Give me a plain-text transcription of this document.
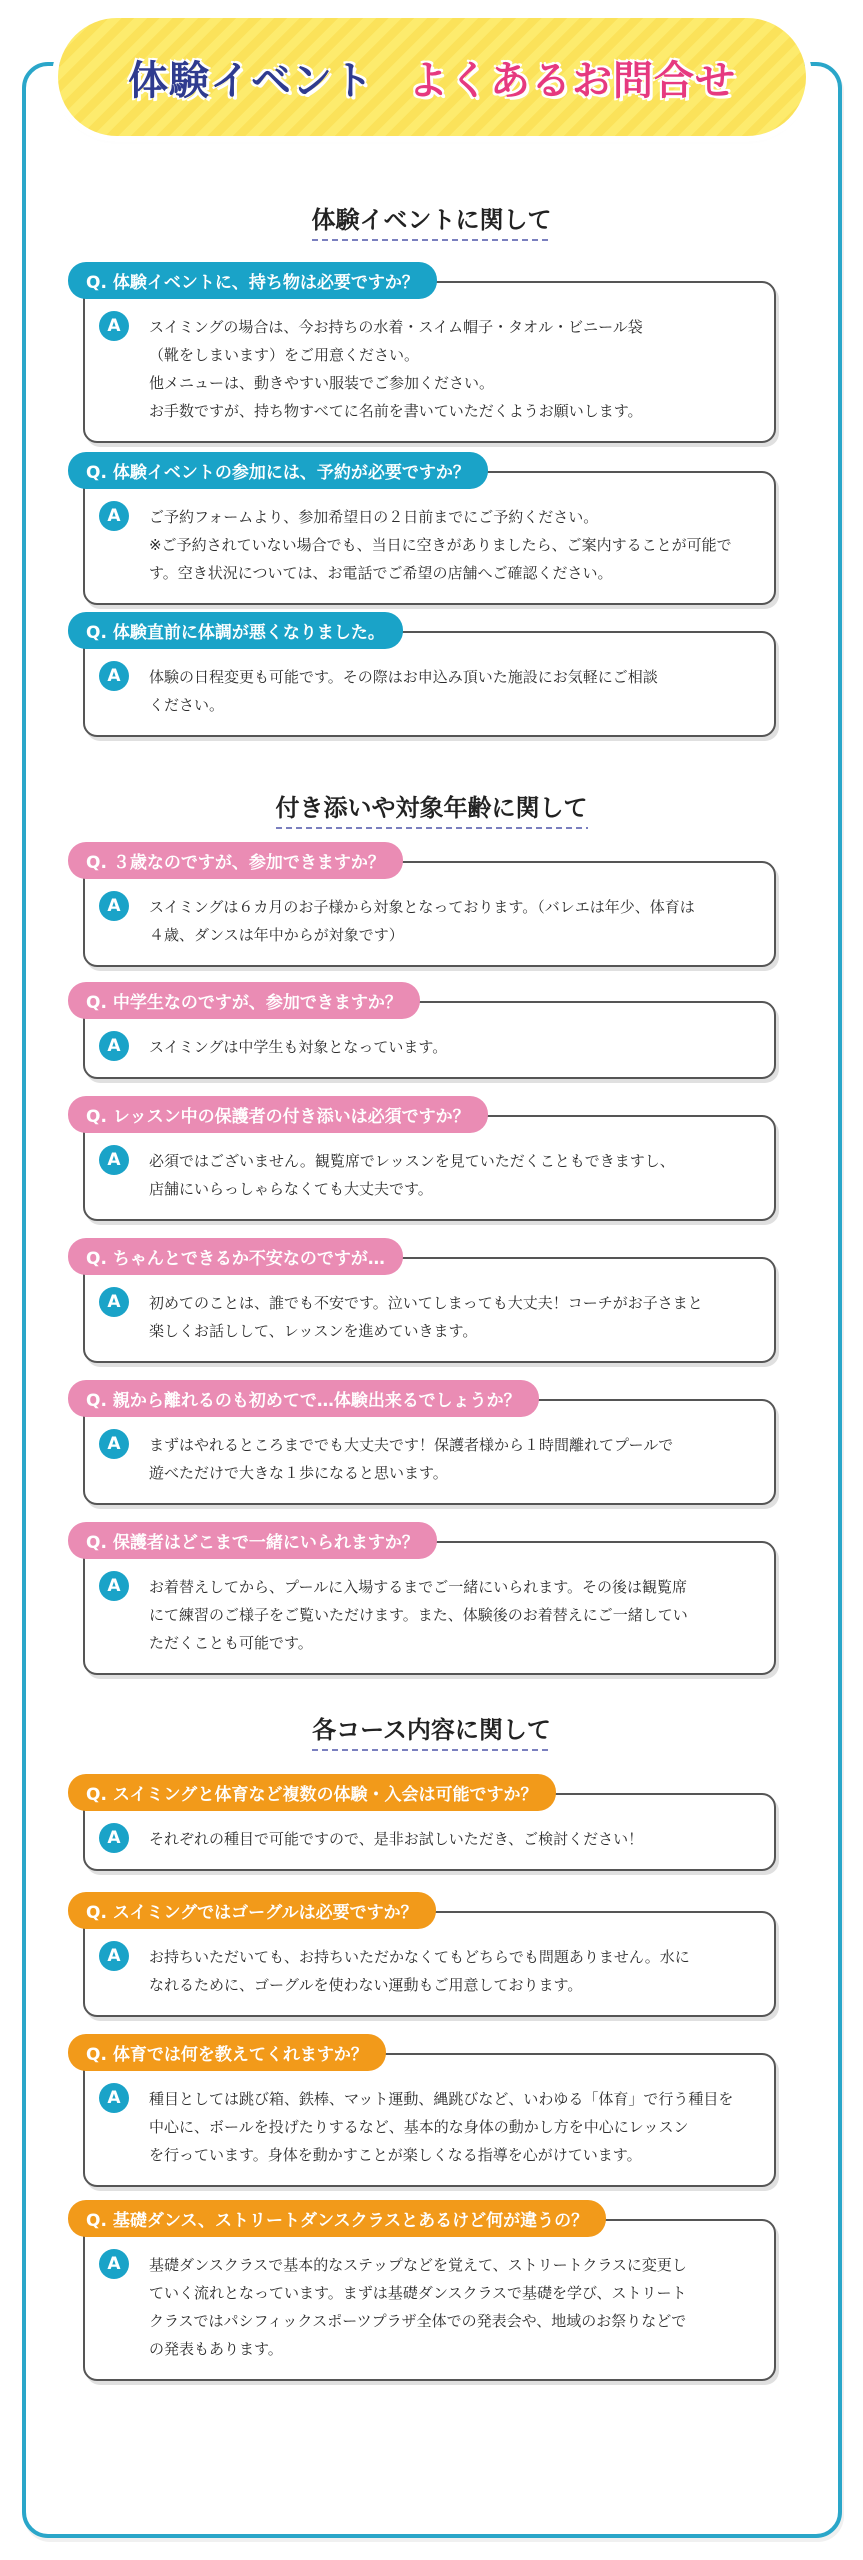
体験イベント よくあるお問合せ
体験イベントに関して
付き添いや対象年齢に関して
各コース内容に関して
Q. 体験イベントに、持ち物は必要ですか？
A	スイミングの場合は、今お持ちの水着・スイム帽子・タオル・ビニール袋
（靴をしまいます）をご用意ください。
他メニューは、動きやすい服装でご参加ください。
お手数ですが、持ち物すべてに名前を書いていただくようお願いします。
Q. 体験イベントの参加には、予約が必要ですか？
A	ご予約フォームより、参加希望日の２日前までにご予約ください。
※ご予約されていない場合でも、当日に空きがありましたら、ご案内することが可能で
す。空き状況については、お電話でご希望の店舗へご確認ください。
Q. 体験直前に体調が悪くなりました。
A	体験の日程変更も可能です。その際はお申込み頂いた施設にお気軽にご相談
ください。
Q. ３歳なのですが、参加できますか？
A	スイミングは６カ月のお子様から対象となっております。（バレエは年少、体育は
４歳、ダンスは年中からが対象です）
Q. 中学生なのですが、参加できますか？
A	スイミングは中学生も対象となっています。
Q. レッスン中の保護者の付き添いは必須ですか？
A	必須ではございません。観覧席でレッスンを見ていただくこともできますし、
店舗にいらっしゃらなくても大丈夫です。
Q. ちゃんとできるか不安なのですが…
A	初めてのことは、誰でも不安です。泣いてしまっても大丈夫！コーチがお子さまと
楽しくお話しして、レッスンを進めていきます。
Q. 親から離れるのも初めてで…体験出来るでしょうか？
A	まずはやれるところまででも大丈夫です！保護者様から１時間離れてプールで
遊べただけで大きな１歩になると思います。
Q. 保護者はどこまで一緒にいられますか？
A	お着替えしてから、プールに入場するまでご一緒にいられます。その後は観覧席
にて練習のご様子をご覧いただけます。また、体験後のお着替えにご一緒してい
ただくことも可能です。
Q. スイミングと体育など複数の体験・入会は可能ですか？
A	それぞれの種目で可能ですので、是非お試しいただき、ご検討ください！
Q. スイミングではゴーグルは必要ですか？
A	お持ちいただいても、お持ちいただかなくてもどちらでも問題ありません。水に
なれるために、ゴーグルを使わない運動もご用意しております。
Q. 体育では何を教えてくれますか？
A	種目としては跳び箱、鉄棒、マット運動、縄跳びなど、いわゆる「体育」で行う種目を
中心に、ボールを投げたりするなど、基本的な身体の動かし方を中心にレッスン
を行っています。身体を動かすことが楽しくなる指導を心がけています。
Q. 基礎ダンス、ストリートダンスクラスとあるけど何が違うの？
A	基礎ダンスクラスで基本的なステップなどを覚えて、ストリートクラスに変更し
ていく流れとなっています。まずは基礎ダンスクラスで基礎を学び、ストリート
クラスではパシフィックスポーツプラザ全体での発表会や、地域のお祭りなどで
の発表もあります。
